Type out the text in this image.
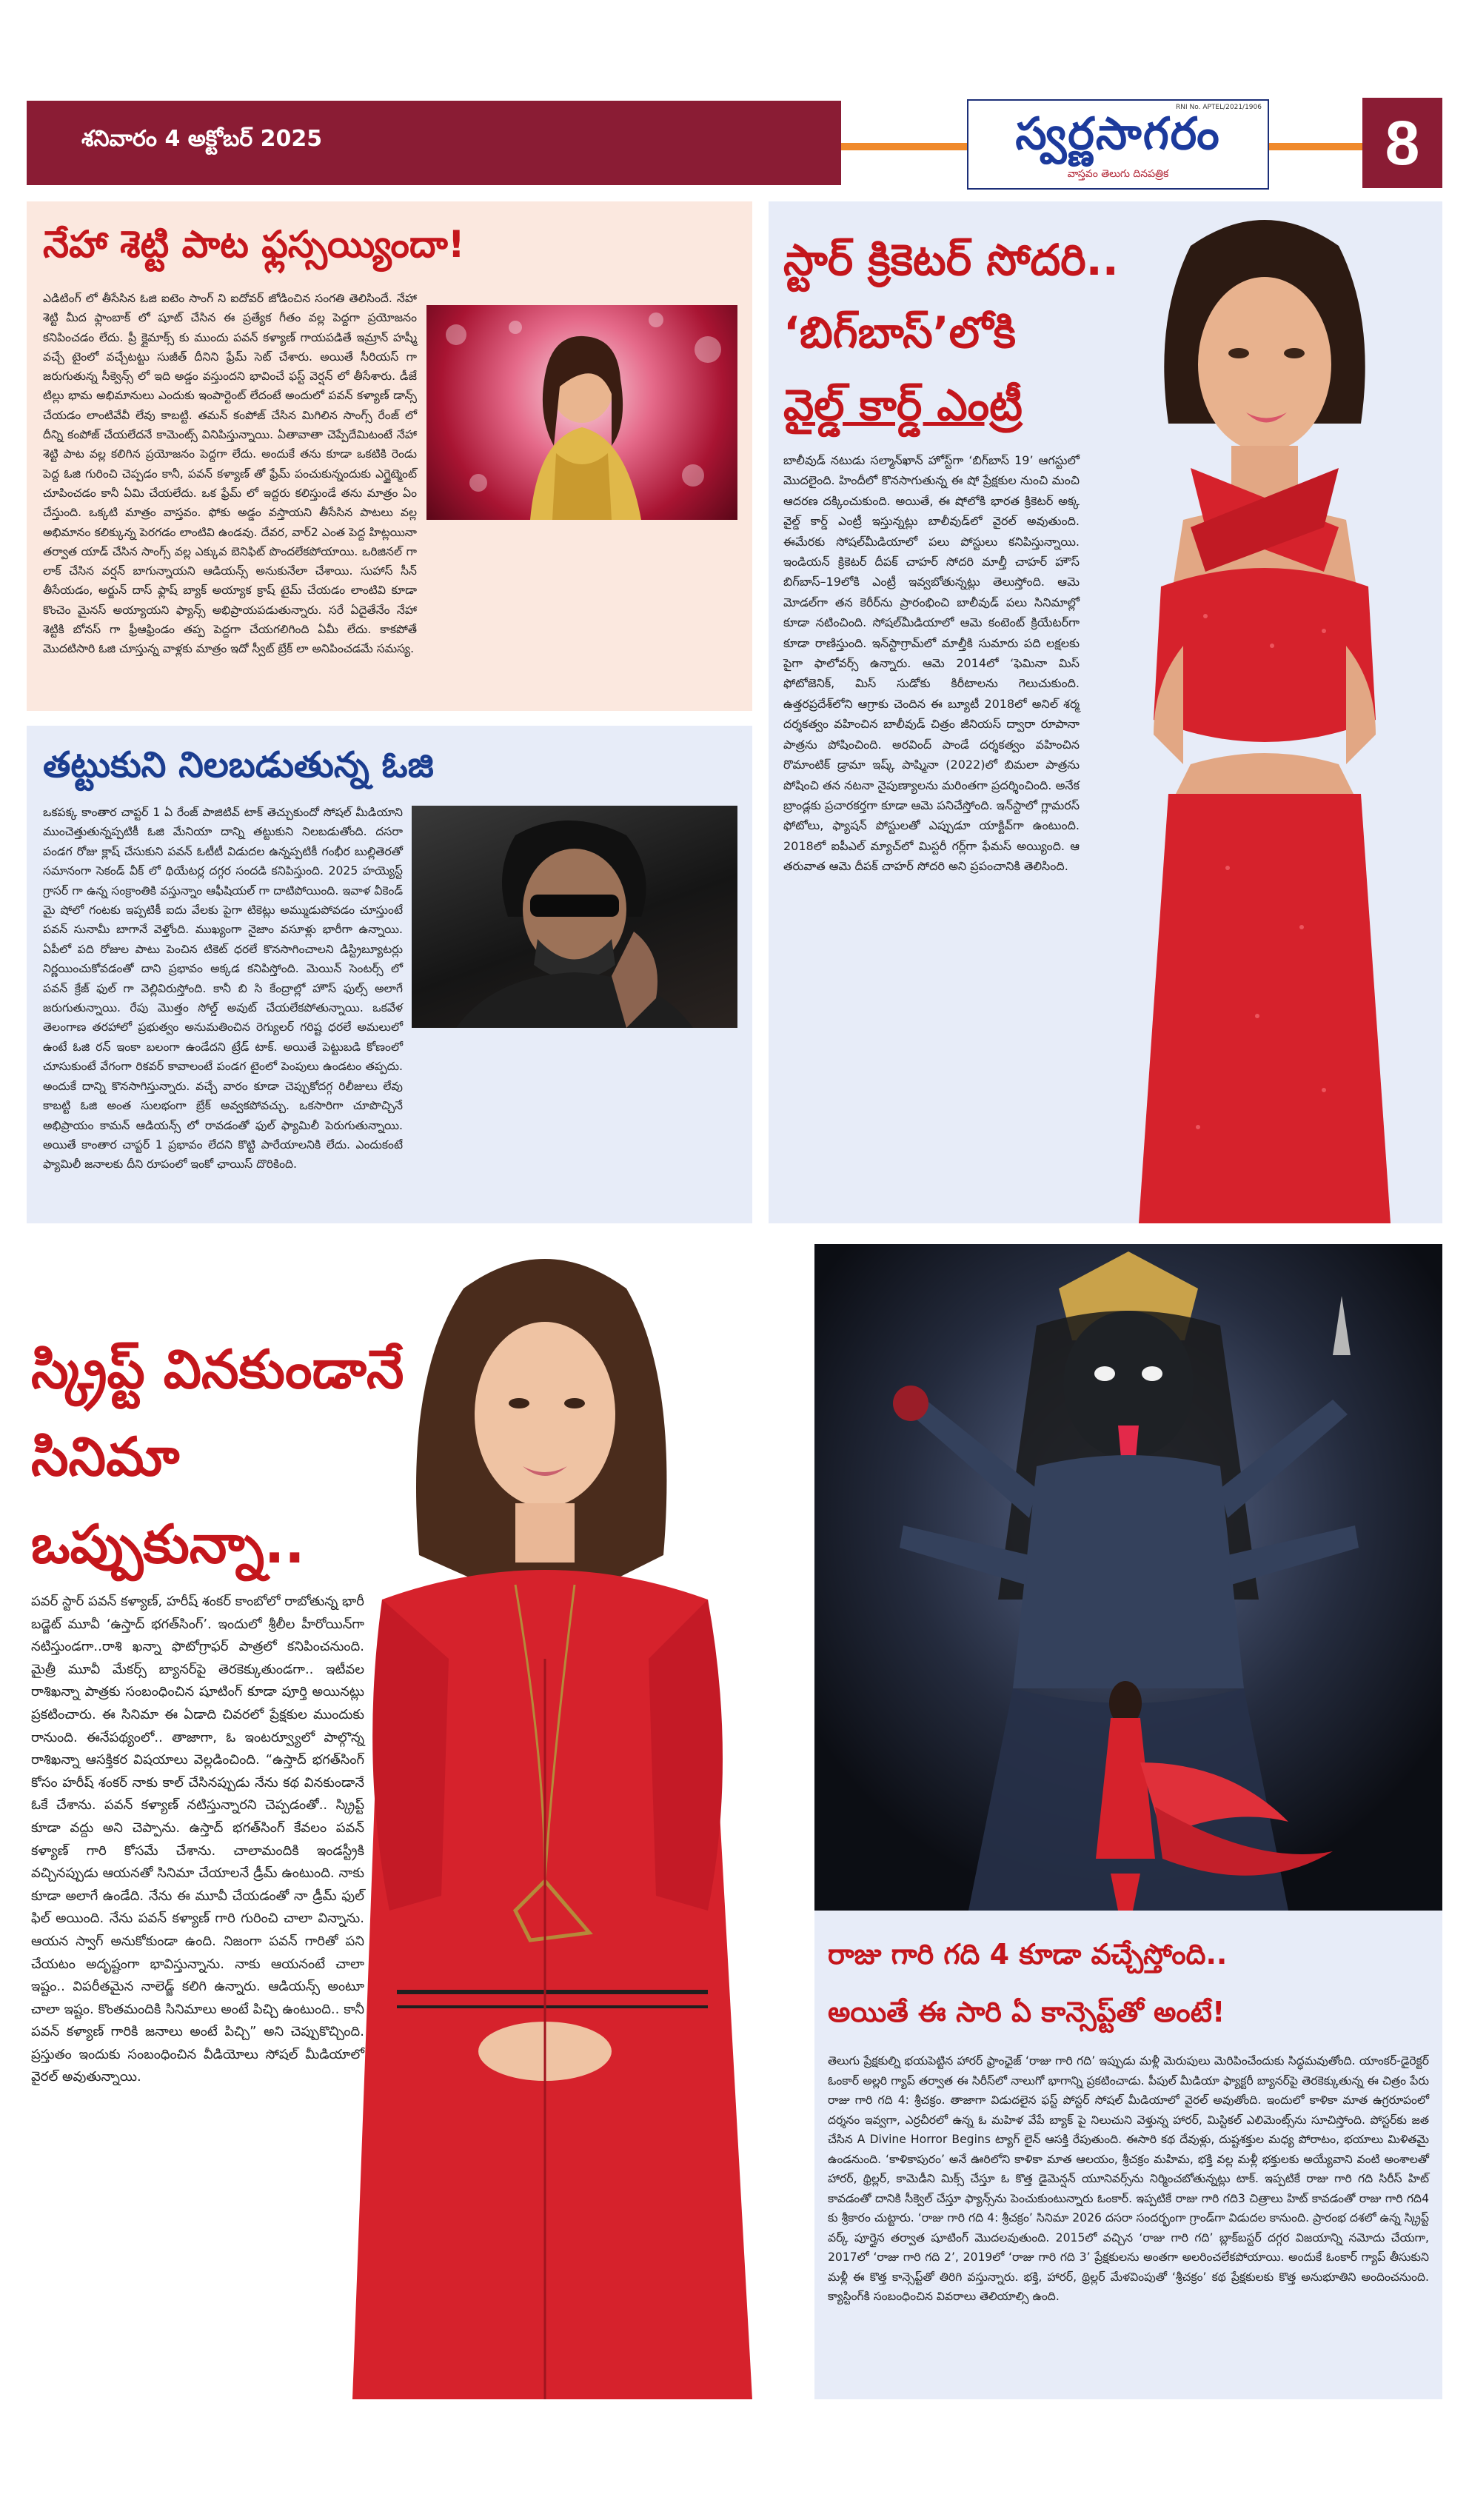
శనివారం 4 అక్టోబర్ 2025
RNI No. APTEL/2021/1906
స్వర్ణసాగరం
వాస్తవం తెలుగు దినపత్రిక	8
నేహా శెట్టి పాట ఫ్లస్సయ్యిందా!
ఎడిటింగ్ లో తీసేసిన ఓజి ఐటెం సాంగ్ ని ఐదోవర్ జోడించిన సంగతి తెలిసిందే. నేహా శెట్టి మీద ఫ్లాంబాక్ లో షూట్ చేసిన ఈ ప్రత్యేక గీతం వల్ల పెద్దగా ప్రయోజనం కనిపించడం లేదు. ప్రీ క్లైమాక్స్ కు ముందు పవన్ కళ్యాణ్ గాయపడితే ఇమ్రాన్ హష్మీ వచ్చే టైంలో వచ్చేటట్టు సుజీత్ దీనిని ఫ్రేమ్ సెట్ చేశారు. అయితే సీరియస్ గా జరుగుతున్న సీక్వెన్స్ లో ఇది అడ్డం వస్తుందని భావించే ఫస్ట్ వెర్షన్ లో తీసేశారు. డీజే టిల్లు భామ అభిమానులు ఎందుకు ఇంపార్టెంట్ లేదంటే అందులో పవన్ కళ్యాణ్ డాన్స్ చేయడం లాంటివేవీ లేవు కాబట్టి. తమన్ కంపోజ్ చేసిన మిగిలిన సాంగ్స్ రేంజ్ లో దీన్ని కంపోజ్ చేయలేదనే కామెంట్స్ వినిపిస్తున్నాయి. ఏతావాతా చెప్పేదేమిటంటే నేహా శెట్టి పాట వల్ల కలిగిన ప్రయోజనం పెద్దగా లేదు. అందుకే తను కూడా ఒకటికి రెండు పెద్ద ఓజి గురించి చెప్పడం కానీ, పవన్ కళ్యాణ్ తో ఫ్రేమ్ పంచుకున్నందుకు ఎగ్జైట్మెంట్ చూపించడం కానీ ఏమి చేయలేదు. ఒక ఫ్రేమ్ లో ఇద్దరు కలిస్తుండే తను మాత్రం ఏం చేస్తుంది. ఒక్కటి మాత్రం వాస్తవం. ఫోకు అడ్డం వస్తాయని తీసేసిన పాటలు వల్ల అభిమానం కలిక్కున్న పెరగడం లాంటివి ఉండవు. దేవర, వార్2 ఎంత పెద్ద హిట్లయినా తర్వాత యాడ్ చేసిన సాంగ్స్ వల్ల ఎక్కువ బెనిఫిట్ పొందలేకపోయాయి. ఒరిజినల్ గా లాక్ చేసిన వర్షన్ బాగున్నాయని ఆడియన్స్ అనుకునేలా చేశాయి. సుహాస్ సీన్ తీసేయడం, అర్జున్ దాస్ ఫ్లాష్ బ్యాక్ అయ్యాక క్రాష్ టైమ్ చేయడం లాంటివి కూడా కొంచెం మైనస్ అయ్యాయని ఫ్యాన్స్ అభిప్రాయపడుతున్నారు. సరే ఏదైతేనేం నేహా శెట్టికి బోనస్ గా ఫ్రీఆఫ్రిండం తప్ప పెద్దగా చేయగలిగింది ఏమీ లేదు. కాకపోతే మొదటిసారి ఓజి చూస్తున్న వాళ్లకు మాత్రం ఇదో స్వీట్ బ్రేక్ లా అనిపించడమే సమస్య.
తట్టుకుని నిలబడుతున్న ఓజి
ఒకపక్క కాంతార చాప్టర్ 1 ఏ రేంజ్ పాజిటివ్ టాక్ తెచ్చుకుందో సోషల్ మీడియాని ముంచెత్తుతున్నప్పటికీ ఓజి మేనియా దాన్ని తట్టుకుని నిలబడుతోంది. దసరా పండగ రోజు క్లాష్ చేసుకుని పవన్ ఓటీటీ విడుదల ఉన్నప్పటికీ గంభీర బుల్లితెరతో సమానంగా సెకండ్ వీక్ లో థియేటర్ల దగ్గర సందడి కనిపిస్తుంది. 2025 హయ్యెస్ట్ గ్రాసర్ గా ఉన్న సంక్రాంతికి వస్తున్నాం ఆఫీషియల్ గా దాటిపోయింది. ఇవాళ వీకెండ్ మై షోలో గంటకు ఇప్పటికీ ఐదు వేలకు పైగా టికెట్లు అమ్ముడుపోవడం చూస్తుంటే పవన్ సునామీ బాగానే వెళ్తోంది. ముఖ్యంగా నైజాం వసూళ్లు భారీగా ఉన్నాయి. ఏపీలో పది రోజుల పాటు పెంచిన టికెట్ ధరలే కొనసాగించాలని డిస్ట్రిబ్యూటర్లు నిర్ణయించుకోవడంతో దాని ప్రభావం అక్కడ కనిపిస్తోంది. మెయిన్ సెంటర్స్ లో పవన్ క్రేజ్ ఫుల్ గా వెల్లివిరుస్తోంది. కానీ బి సి కేంద్రాల్లో హౌస్ ఫుల్స్ అలాగే జరుగుతున్నాయి. రేపు మొత్తం సోల్డ్ అవుట్ చేయలేకపోతున్నాయి. ఒకవేళ తెలంగాణ తరహాలో ప్రభుత్వం అనుమతించిన రెగ్యులర్ గరిష్ట ధరలే అమలులో ఉంటే ఓజి రన్ ఇంకా బలంగా ఉండేదని ట్రేడ్ టాక్. అయితే పెట్టుబడి కోణంలో చూసుకుంటే వేగంగా రికవర్ కావాలంటే పండగ టైంలో పెంపులు ఉండటం తప్పదు. అందుకే దాన్ని కొనసాగిస్తున్నారు. వచ్చే వారం కూడా చెప్పుకోదగ్గ రిలీజులు లేవు కాబట్టి ఓజి అంత సులభంగా బ్రేక్ అవ్వకపోవచ్చు. ఒకసారిగా చూపొచ్చినే అభిప్రాయం కామన్ ఆడియన్స్ లో రావడంతో ఫుల్ ఫ్యామిలీ పెరుగుతున్నాయి. అయితే కాంతార చాప్టర్ 1 ప్రభావం లేదని కొట్టి పారేయాలనికి లేదు. ఎందుకంటే ఫ్యామిలీ జనాలకు దీని రూపంలో ఇంకో ఛాయిస్ దొరికింది.
స్టార్ క్రికెటర్ సోదరి..
‘బిగ్‌బాస్’లోకి
వైల్డ్ కార్డ్ ఎంట్రీ
బాలీవుడ్ నటుడు సల్మాన్‌ఖాన్ హోస్ట్‌గా ‘బిగ్‌బాస్ 19’ ఆగస్టులో మొదలైంది. హిందీలో కొనసాగుతున్న ఈ షో ప్రేక్షకుల నుంచి మంచి ఆదరణ దక్కించుకుంది. అయితే, ఈ షోలోకి భారత క్రికెటర్ అక్క వైల్డ్ కార్డ్ ఎంట్రీ ఇస్తున్నట్లు బాలీవుడ్‌లో వైరల్ అవుతుంది. ఈమేరకు సోషల్‌మీడియాలో పలు పోస్టులు కనిపిస్తున్నాయి. ఇండియన్ క్రికెటర్ దీపక్ చాహర్ సోదరి మాల్తీ చాహర్ హౌస్ బిగ్‌బాస్–19లోకి ఎంట్రీ ఇవ్వబోతున్నట్లు తెలుస్తోంది. ఆమె మోడల్‌గా తన కెరీర్‌ను ప్రారంభించి బాలీవుడ్ పలు సినిమాల్లో కూడా నటించింది. సోషల్‌మీడియాలో ఆమె కంటెంట్ క్రియేటర్‌గా కూడా రాణిస్తుంది. ఇన్‌స్టాగ్రామ్‌లో మాల్తీకి సుమారు పది లక్షలకు పైగా ఫాలోవర్స్ ఉన్నారు. ఆమె 2014లో ‘ఫెమినా మిస్ ఫోటోజెనిక్, మిస్ సుడోకు కిరీటాలను గెలుచుకుంది. ఉత్తరప్రదేశ్‌లోని ఆగ్రాకు చెందిన ఈ బ్యూటీ 2018లో అనిల్ శర్మ దర్శకత్వం వహించిన బాలీవుడ్ చిత్రం జీనియస్ ద్వారా రూపానా పాత్రను పోషించింది. అరవింద్ పాండే దర్శకత్వం వహించిన రొమాంటిక్ డ్రామా ఇష్క్ పాష్మినా (2022)లో బిమలా పాత్రను పోషించి తన నటనా నైపుణ్యాలను మరింతగా ప్రదర్శించింది. అనేక బ్రాండ్లకు ప్రచారకర్తగా కూడా ఆమె పనిచేస్తోంది. ఇన్‌స్టాలో గ్లామరస్ ఫోటోలు, ఫ్యాషన్ పోస్టులతో ఎప్పుడూ యాక్టివ్‌గా ఉంటుంది. 2018లో ఐపీఎల్ మ్యాచ్‌లో మిస్టరీ గర్ల్‌గా ఫేమస్ అయ్యింది. ఆ తరువాత ఆమె దీపక్ చాహర్ సోదరి అని ప్రపంచానికి తెలిసింది.
స్క్రిప్ట్ వినకుండానే
సినిమా
ఒప్పుకున్నా..
పవర్ స్టార్ పవన్ కళ్యాణ్, హరీష్ శంకర్ కాంబోలో రాబోతున్న భారీ బడ్జెట్ మూవీ ‘ఉస్తాద్ భగత్‌సింగ్’. ఇందులో శ్రీలీల హీరోయిన్‌గా నటిస్తుండగా..రాశి ఖన్నా ఫొటోగ్రాఫర్ పాత్రలో కనిపించనుంది. మైత్రీ మూవీ మేకర్స్ బ్యానర్‌పై తెరకెక్కుతుండగా.. ఇటీవల రాశిఖన్నా పాత్రకు సంబంధించిన షూటింగ్ కూడా పూర్తి అయినట్లు ప్రకటించారు. ఈ సినిమా ఈ ఏడాది చివరలో ప్రేక్షకుల ముందుకు రానుంది. ఈనేపథ్యంలో.. తాజాగా, ఓ ఇంటర్వ్యూలో పాల్గొన్న రాశిఖన్నా ఆసక్తికర విషయాలు వెల్లడించింది. “ఉస్తాద్ భగత్‌సింగ్ కోసం హరీష్ శంకర్ నాకు కాల్ చేసినప్పుడు నేను కథ వినకుండానే ఓకే చేశాను. పవన్ కళ్యాణ్ నటిస్తున్నారని చెప్పడంతో.. స్క్రిప్ట్ కూడా వద్దు అని చెప్పాను. ఉస్తాద్ భగత్‌సింగ్ కేవలం పవన్ కళ్యాణ్ గారి కోసమే చేశాను. చాలామందికి ఇండస్ట్రీకి వచ్చినప్పుడు ఆయనతో సినిమా చేయాలనే డ్రీమ్ ఉంటుంది. నాకు కూడా అలాగే ఉండేది. నేను ఈ మూవీ చేయడంతో నా డ్రీమ్ ఫుల్ ఫిల్ అయింది. నేను పవన్ కళ్యాణ్ గారి గురించి చాలా విన్నాను. ఆయన స్వాగ్ అనుకోకుండా ఉంది. నిజంగా పవన్ గారితో పని చేయటం అదృష్టంగా భావిస్తున్నాను. నాకు ఆయనంటే చాలా ఇష్టం.. విపరీతమైన నాలెడ్జ్ కలిగి ఉన్నారు. ఆడియన్స్ అంటూ చాలా ఇష్టం. కొంతమందికి సినిమాలు అంటే పిచ్చి ఉంటుంది.. కానీ పవన్ కళ్యాణ్ గారికి జనాలు అంటే పిచ్చి” అని చెప్పుకొచ్చింది. ప్రస్తుతం ఇందుకు సంబంధించిన వీడియోలు సోషల్ మీడియాలో వైరల్ అవుతున్నాయి.
రాజు గారి గది 4 కూడా వచ్చేస్తోంది..
అయితే ఈ సారి ఏ కాన్సెప్ట్‌తో అంటే!
తెలుగు ప్రేక్షకుల్ని భయపెట్టిన హారర్ ఫ్రాంఛైజ్ ‘రాజు గారి గది’ ఇప్పుడు మళ్లీ మెరుపులు మెరిపించేందుకు సిద్ధమవుతోంది. యాంకర్-డైరెక్టర్ ఓంకార్ అల్లరి గ్యాప్ తర్వాత ఈ సిరీస్‌లో నాలుగో భాగాన్ని ప్రకటించాడు. పీపుల్ మీడియా ఫ్యాక్టరీ బ్యానర్‌పై తెరకెక్కుతున్న ఈ చిత్రం పేరు రాజు గారి గది 4: శ్రీచక్రం. తాజాగా విడుదలైన ఫస్ట్ పోస్టర్ సోషల్ మీడియాలో వైరల్ అవుతోంది. ఇందులో కాళికా మాత ఉగ్రరూపంలో దర్శనం ఇవ్వగా, ఎర్రచీరలో ఉన్న ఓ మహిళ వేపే బ్యాక్ పై నిలుచుని వెళ్తున్న హారర్, మిస్టికల్ ఎలిమెంట్స్‌ను సూచిస్తోంది. పోస్టర్‌కు జత చేసిన A Divine Horror Begins ట్యాగ్ లైన్ ఆసక్తి రేపుతుంది. ఈసారి కథ దేవుళ్లు, దుష్టశక్తుల మధ్య పోరాటం, భయాలు మిళితమై ఉండనుంది. ‘కాళికాపురం’ అనే ఊరిలోని కాళికా మాత ఆలయం, శ్రీచక్రం మహిమ, భక్తి వల్ల మళ్లీ భక్తులకు అయ్యేవాని వంటి అంశాలతో హారర్, థ్రిల్లర్, కామెడీని మిక్స్ చేస్తూ ఓ కొత్త డైమెన్షన్ యూనివర్స్‌ను నిర్మించబోతున్నట్లు టాక్. ఇప్పటికే రాజు గారి గది సిరీస్ హిట్ కావడంతో దానికి సీక్వెల్ చేస్తూ ఫ్యాన్స్‌ను పెంచుకుంటున్నారు ఓంకార్. ఇప్పటికే రాజు గారి గది3 చిత్రాలు హిట్ కావడంతో రాజు గారి గది4 కు శ్రీకారం చుట్టారు. ‘రాజు గారి గది 4: శ్రీచక్రం’ సినిమా 2026 దసరా సందర్భంగా గ్రాండ్‌గా విడుదల కానుంది. ప్రారంభ దశలో ఉన్న స్క్రిప్ట్ వర్క్ పూర్తైన తర్వాత షూటింగ్ మొదలవుతుంది. 2015లో వచ్చిన ‘రాజు గారి గది’ బ్లాక్‌బస్టర్ దగ్గర విజయాన్ని నమోదు చేయగా, 2017లో ‘రాజు గారి గది 2’, 2019లో ‘రాజు గారి గది 3’ ప్రేక్షకులను అంతగా అలరించలేకపోయాయి. అందుకే ఓంకార్ గ్యాప్ తీసుకుని మళ్లీ ఈ కొత్త కాన్సెప్ట్‌తో తిరిగి వస్తున్నారు. భక్తి, హారర్, థ్రిల్లర్ మేళవింపుతో ‘శ్రీచక్రం’ కథ ప్రేక్షకులకు కొత్త అనుభూతిని అందించనుంది. క్యాస్టింగ్‌కి సంబంధించిన వివరాలు తెలియాల్సి ఉంది.
